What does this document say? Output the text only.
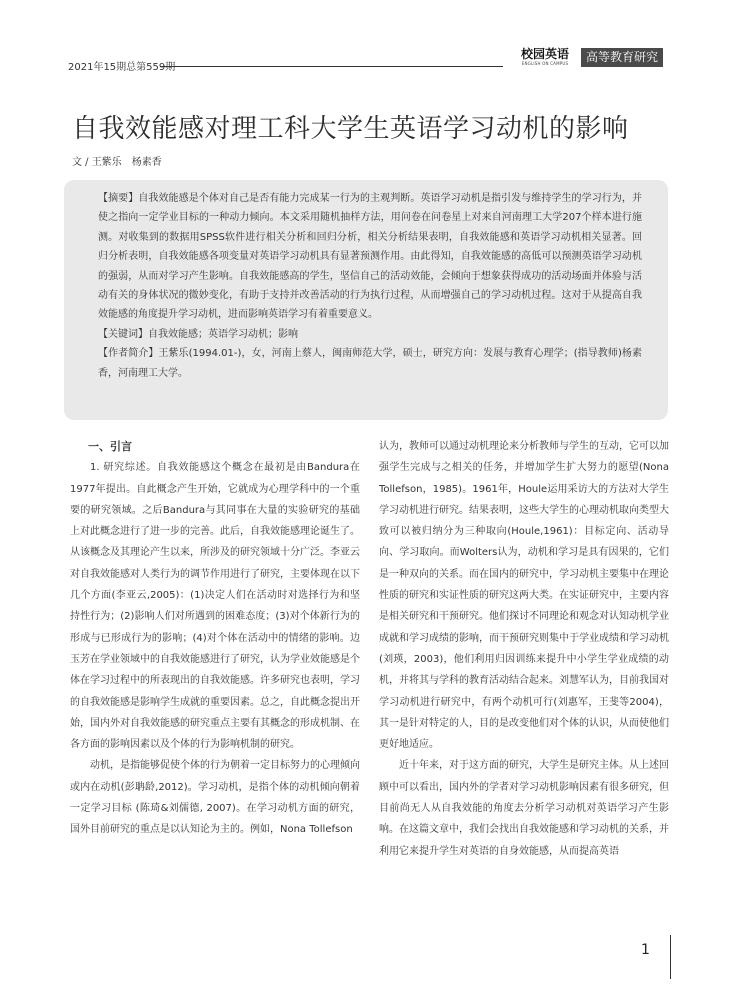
2021年15期总第559期
校园英语
ENGLISH ON CAMPUS	高等教育研究
自我效能感对理工科大学生英语学习动机的影响
文 / 王紫乐　杨素香

【摘要】自我效能感是个体对自己是否有能力完成某一行为的主观判断。英语学习动机是指引发与维持学生的学习行为，并使之指向一定学业目标的一种动力倾向。本文采用随机抽样方法，用问卷在问卷星上对来自河南理工大学207个样本进行施测。对收集到的数据用SPSS软件进行相关分析和回归分析，相关分析结果表明，自我效能感和英语学习动机相关显著。回归分析表明，自我效能感各项变量对英语学习动机具有显著预测作用。由此得知，自我效能感的高低可以预测英语学习动机的强弱，从而对学习产生影响。自我效能感高的学生，坚信自己的活动效能，会倾向于想象获得成功的活动场面并体验与活动有关的身体状况的微妙变化，有助于支持并改善活动的行为执行过程，从而增强自己的学习动机过程。这对于从提高自我效能感的角度提升学习动机，进而影响英语学习有着重要意义。

【关键词】自我效能感；英语学习动机；影响

【作者简介】王紫乐(1994.01-)，女，河南上蔡人，闽南师范大学，硕士，研究方向：发展与教育心理学；(指导教师)杨素香，河南理工大学。

一、引言

1. 研究综述。自我效能感这个概念在最初是由Bandura在1977年提出。自此概念产生开始，它就成为心理学科中的一个重要的研究领域。之后Bandura与其同事在大量的实验研究的基础上对此概念进行了进一步的完善。此后，自我效能感理论诞生了。从该概念及其理论产生以来，所涉及的研究领域十分广泛。李亚云对自我效能感对人类行为的调节作用进行了研究，主要体现在以下几个方面(李亚云,2005)：(1)决定人们在活动时对选择行为和坚持性行为；(2)影响人们对所遇到的困难态度；(3)对个体新行为的形成与已形成行为的影响；(4)对个体在活动中的情绪的影响。边玉芳在学业领域中的自我效能感进行了研究，认为学业效能感是个体在学习过程中的所表现出的自我效能感。许多研究也表明，学习的自我效能感是影响学生成就的重要因素。总之，自此概念提出开始，国内外对自我效能感的研究重点主要有其概念的形成机制、在各方面的影响因素以及个体的行为影响机制的研究。

动机，是指能够促使个体的行为朝着一定目标努力的心理倾向或内在动机(彭聃龄,2012)。学习动机，是指个体的动机倾向朝着一定学习目标 (陈琦&刘儒德, 2007)。在学习动机方面的研究，国外目前研究的重点是以认知论为主的。例如，Nona Tollefson

认为，教师可以通过动机理论来分析教师与学生的互动，它可以加强学生完成与之相关的任务，并增加学生扩大努力的愿望(Nona Tollefson，1985)。1961年，Houle运用采访大的方法对大学生学习动机进行研究。结果表明，这些大学生的心理动机取向类型大致可以被归纳分为三种取向(Houle,1961)：目标定向、活动导向、学习取向。而Wolters认为，动机和学习是具有因果的，它们是一种双向的关系。而在国内的研究中，学习动机主要集中在理论性质的研究和实证性质的研究这两大类。在实证研究中，主要内容是相关研究和干预研究。他们探讨不同理论和观念对认知动机学业成就和学习成绩的影响，而干预研究则集中于学业成绩和学习动机(刘瑛，2003)，他们利用归因训练来提升中小学生学业成绩的动机，并将其与学科的教育活动结合起来。刘慧军认为，目前我国对学习动机进行研究中，有两个动机可行(刘惠军，王斐等2004)，其一是针对特定的人，目的是改变他们对个体的认识，从而使他们更好地适应。

近十年来，对于这方面的研究，大学生是研究主体。从上述回顾中可以看出，国内外的学者对学习动机影响因素有很多研究，但目前尚无人从自我效能的角度去分析学习动机对英语学习产生影响。在这篇文章中，我们会找出自我效能感和学习动机的关系，并利用它来提升学生对英语的自身效能感，从而提高英语

1
